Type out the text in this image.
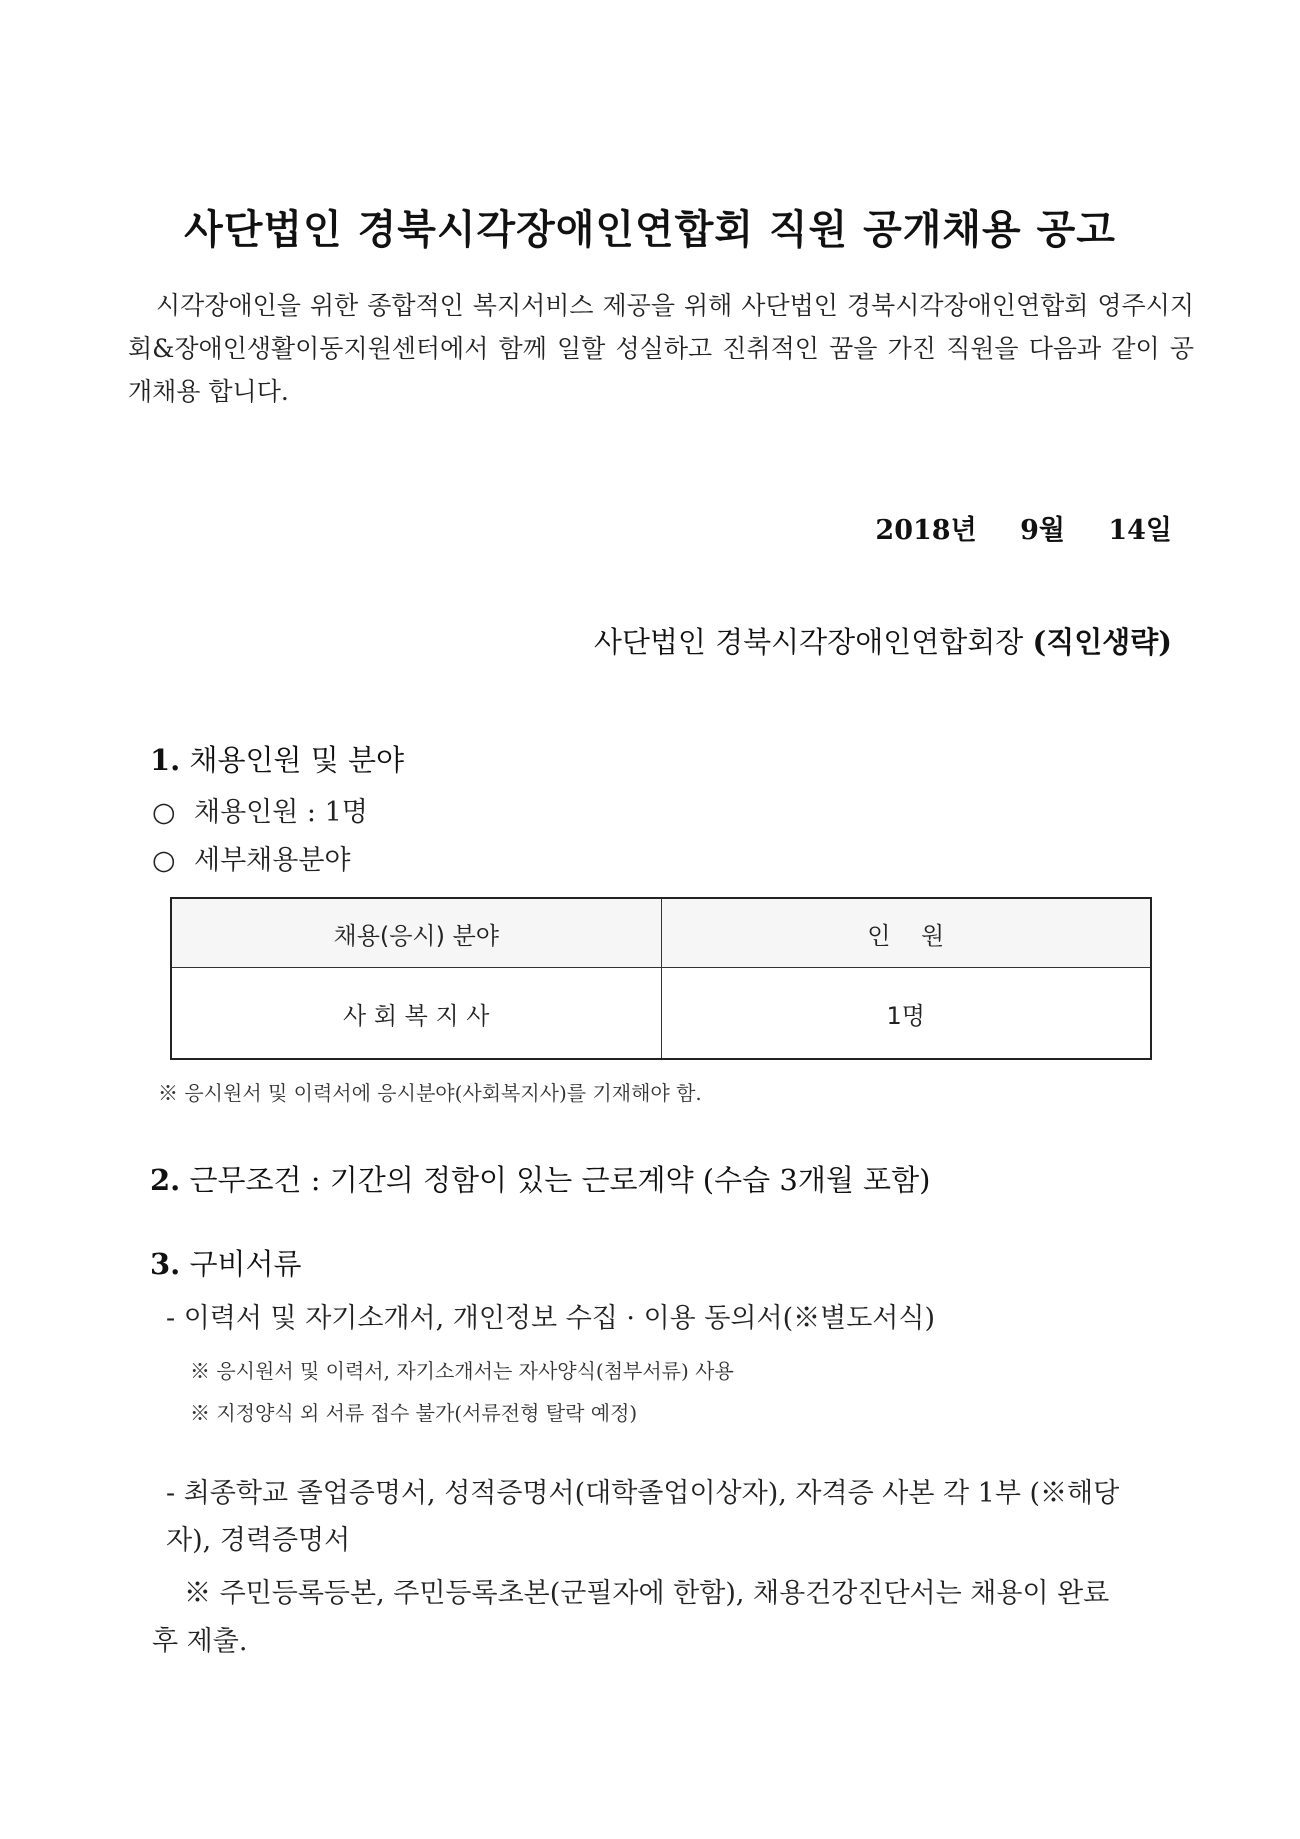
사단법인 경북시각장애인연합회 직원 공개채용 공고
시각장애인을 위한 종합적인 복지서비스 제공을 위해 사단법인 경북시각장애인연합회 영주시지회&장애인생활이동지원센터에서 함께 일할 성실하고 진취적인 꿈을 가진 직원을 다음과 같이 공개채용 합니다.
2018년 9월 14일
사단법인 경북시각장애인연합회장 (직인생략)
1. 채용인원 및 분야
○ 채용인원 : 1명
○ 세부채용분야
채용(응시) 분야	인    원
사 회 복 지 사	1명
※ 응시원서 및 이력서에 응시분야(사회복지사)를 기재해야 함.
2. 근무조건 : 기간의 정함이 있는 근로계약 (수습 3개월 포함)
3. 구비서류
- 이력서 및 자기소개서, 개인정보 수집 · 이용 동의서(※별도서식)
※ 응시원서 및 이력서, 자기소개서는 자사양식(첨부서류) 사용
※ 지정양식 외 서류 접수 불가(서류전형 탈락 예정)
- 최종학교 졸업증명서, 성적증명서(대학졸업이상자), 자격증 사본 각 1부 (※해당자), 경력증명서
※ 주민등록등본, 주민등록초본(군필자에 한함), 채용건강진단서는 채용이 완료 후 제출.
